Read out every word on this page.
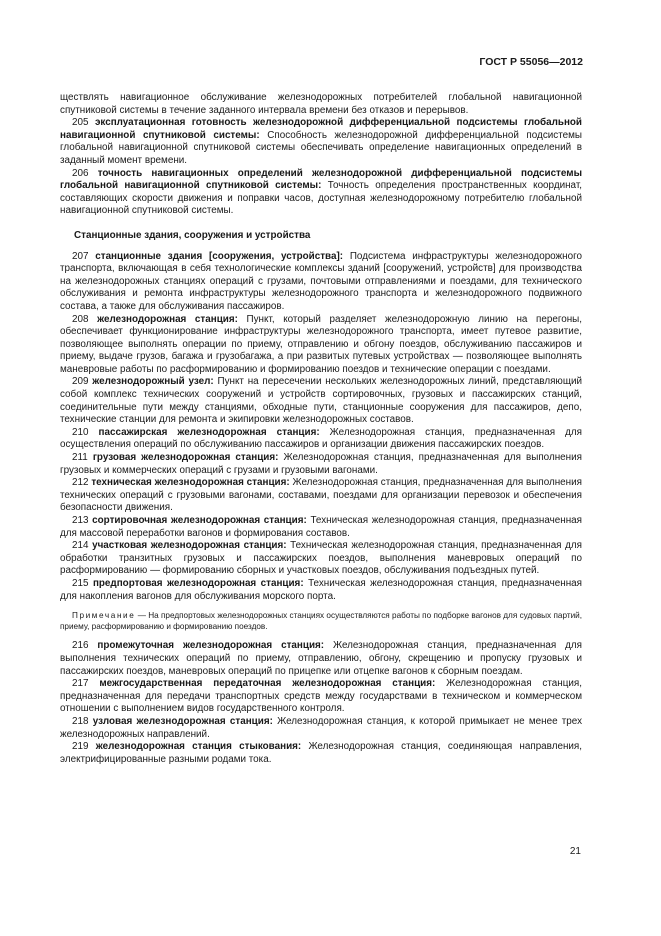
ГОСТ Р 55056—2012

ществлять навигационное обслуживание железнодорожных потребителей глобальной навигационной спутниковой системы в течение заданного интервала времени без отказов и перерывов.

205 эксплуатационная готовность железнодорожной дифференциальной подсистемы глобальной навигационной спутниковой системы: Способность железнодорожной дифференциальной подсистемы глобальной навигационной спутниковой системы обеспечивать определение навигационных определений в заданный момент времени.

206 точность навигационных определений железнодорожной дифференциальной подсистемы глобальной навигационной спутниковой системы: Точность определения пространственных координат, составляющих скорости движения и поправки часов, доступная железнодорожному потребителю глобальной навигационной спутниковой системы.

Станционные здания, сооружения и устройства

207 станционные здания [сооружения, устройства]: Подсистема инфраструктуры железнодорожного транспорта, включающая в себя технологические комплексы зданий [сооружений, устройств] для производства на железнодорожных станциях операций с грузами, почтовыми отправлениями и поездами, для технического обслуживания и ремонта инфраструктуры железнодорожного транспорта и железнодорожного подвижного состава, а также для обслуживания пассажиров.

208 железнодорожная станция: Пункт, который разделяет железнодорожную линию на перегоны, обеспечивает функционирование инфраструктуры железнодорожного транспорта, имеет путевое развитие, позволяющее выполнять операции по приему, отправлению и обгону поездов, обслуживанию пассажиров и приему, выдаче грузов, багажа и грузобагажа, а при развитых путевых устройствах — позволяющее выполнять маневровые работы по расформированию и формированию поездов и технические операции с поездами.

209 железнодорожный узел: Пункт на пересечении нескольких железнодорожных линий, представляющий собой комплекс технических сооружений и устройств сортировочных, грузовых и пассажирских станций, соединительные пути между станциями, обходные пути, станционные сооружения для пассажиров, депо, технические станции для ремонта и экипировки железнодорожных составов.

210 пассажирская железнодорожная станция: Железнодорожная станция, предназначенная для осуществления операций по обслуживанию пассажиров и организации движения пассажирских поездов.

211 грузовая железнодорожная станция: Железнодорожная станция, предназначенная для выполнения грузовых и коммерческих операций с грузами и грузовыми вагонами.

212 техническая железнодорожная станция: Железнодорожная станция, предназначенная для выполнения технических операций с грузовыми вагонами, составами, поездами для организации перевозок и обеспечения безопасности движения.

213 сортировочная железнодорожная станция: Техническая железнодорожная станция, предназначенная для массовой переработки вагонов и формирования составов.

214 участковая железнодорожная станция: Техническая железнодорожная станция, предназначенная для обработки транзитных грузовых и пассажирских поездов, выполнения маневровых операций по расформированию — формированию сборных и участковых поездов, обслуживания подъездных путей.

215 предпортовая железнодорожная станция: Техническая железнодорожная станция, предназначенная для накопления вагонов для обслуживания морского порта.

Примечание — На предпортовых железнодорожных станциях осуществляются работы по подборке вагонов для судовых партий, приему, расформированию и формированию поездов.

216 промежуточная железнодорожная станция: Железнодорожная станция, предназначенная для выполнения технических операций по приему, отправлению, обгону, скрещению и пропуску грузовых и пассажирских поездов, маневровых операций по прицепке или отцепке вагонов к сборным поездам.

217 межгосударственная передаточная железнодорожная станция: Железнодорожная станция, предназначенная для передачи транспортных средств между государствами в техническом и коммерческом отношении с выполнением видов государственного контроля.

218 узловая железнодорожная станция: Железнодорожная станция, к которой примыкает не менее трех железнодорожных направлений.

219 железнодорожная станция стыкования: Железнодорожная станция, соединяющая направления, электрифицированные разными родами тока.

21
